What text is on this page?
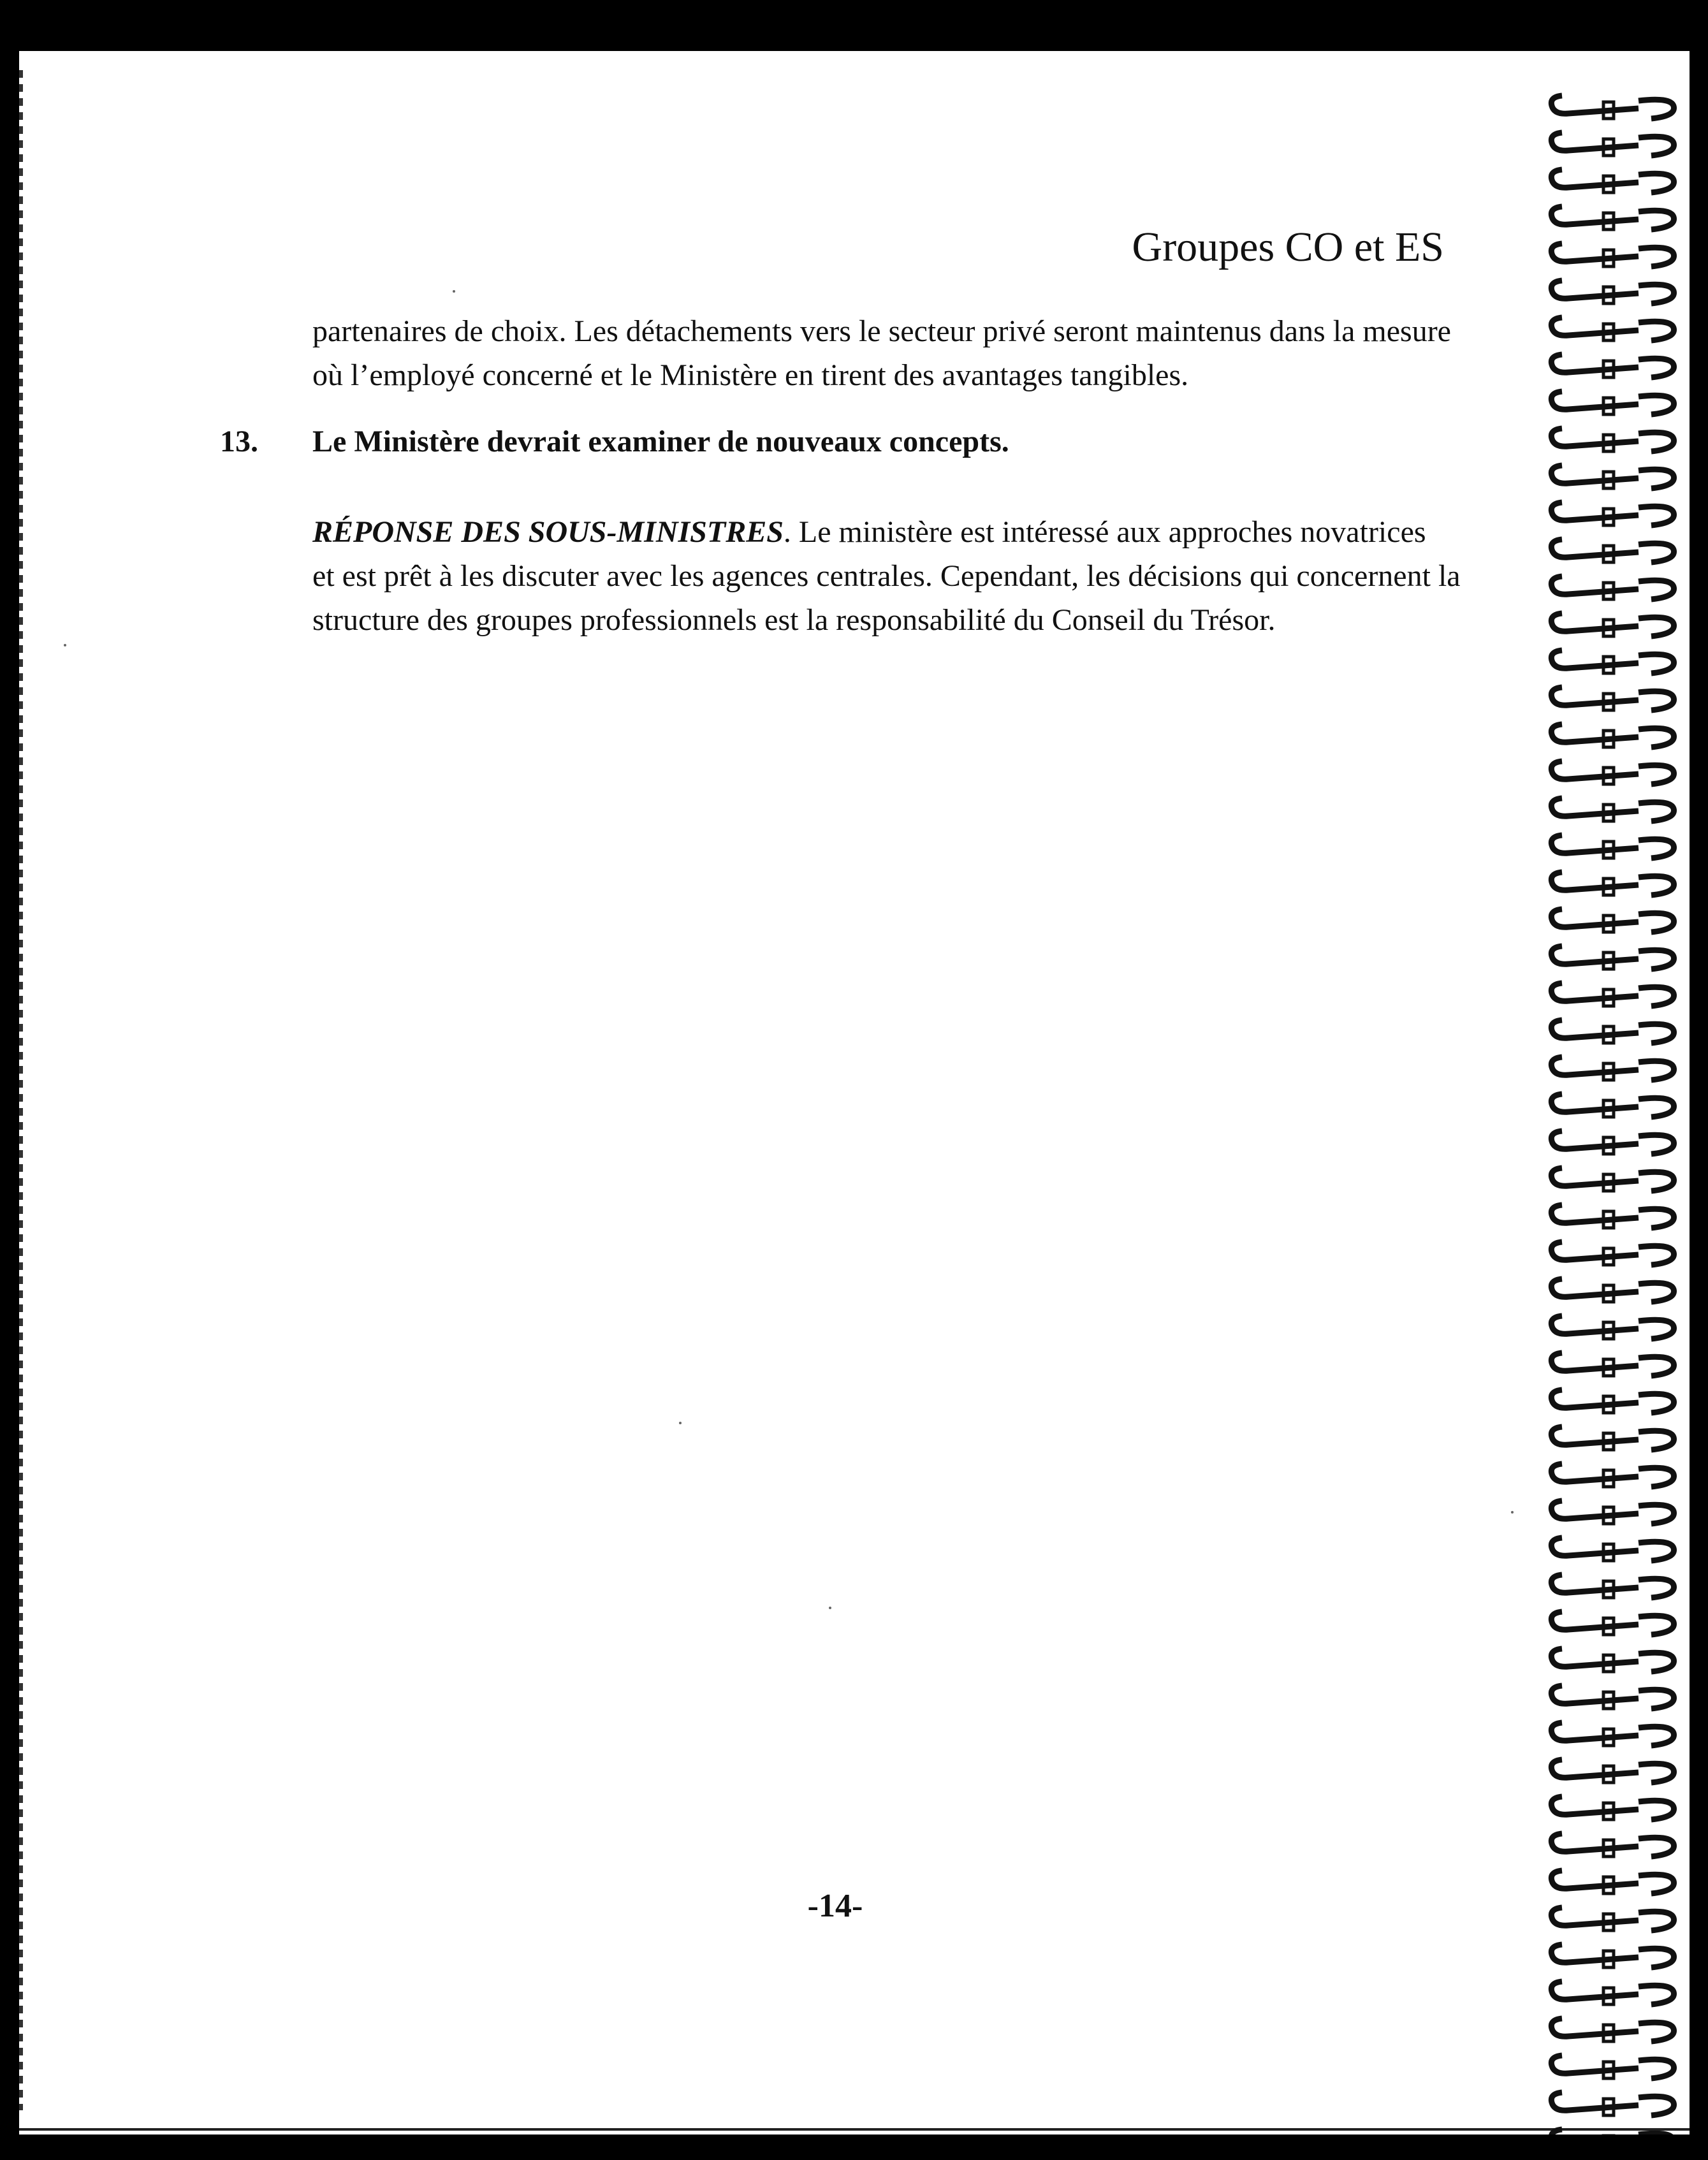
Groupes CO et ES

partenaires de choix. Les détachements vers le secteur privé seront maintenus dans la mesure
où l’employé concerné et le Ministère en tirent des avantages tangibles.

13. Le Ministère devrait examiner de nouveaux concepts.

RÉPONSE DES SOUS-MINISTRES. Le ministère est intéressé aux approches novatrices
et est prêt à les discuter avec les agences centrales. Cependant, les décisions qui concernent la
structure des groupes professionnels est la responsabilité du Conseil du Trésor.

-14-
